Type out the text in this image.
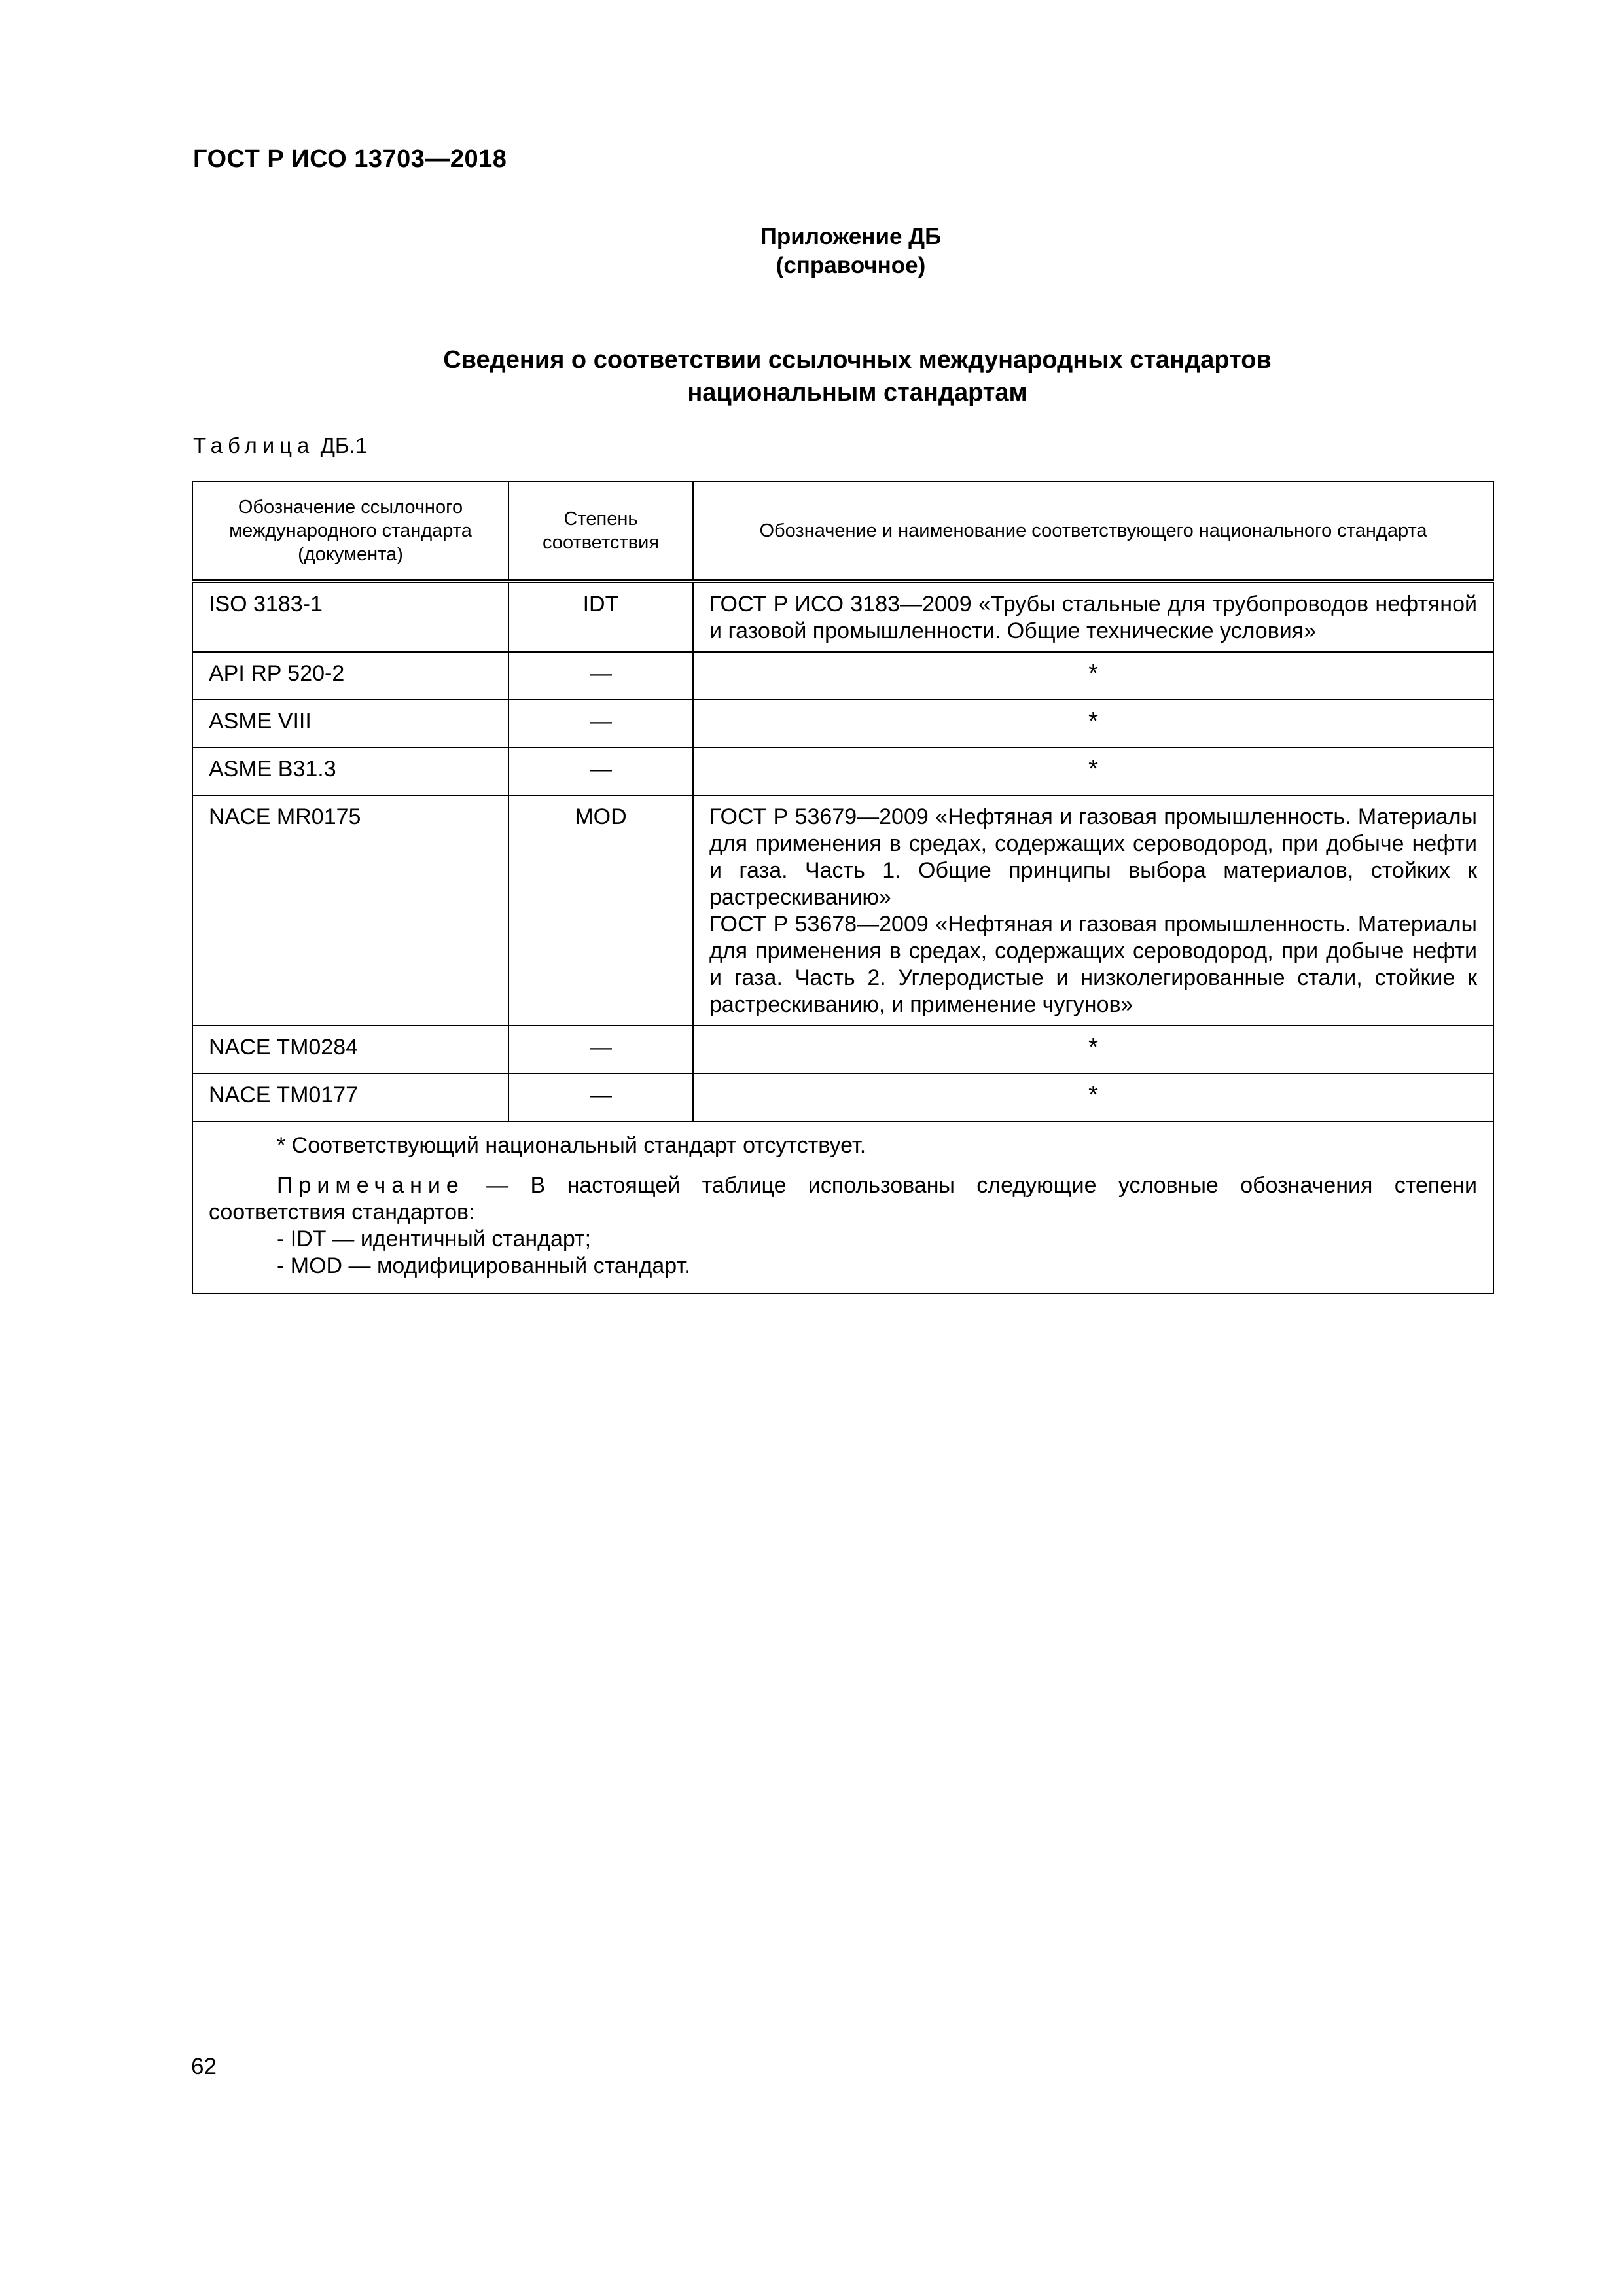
ГОСТ Р ИСО 13703—2018
Приложение ДБ
(справочное)
Сведения о соответствии ссылочных международных стандартов
национальным стандартам
Таблица ДБ.1
Обозначение ссылочного международного стандарта (документа)	Степень соответствия	Обозначение и наименование соответствующего национального стандарта
ISO 3183-1	IDT	ГОСТ Р ИСО 3183—2009 «Трубы стальные для трубопроводов нефтяной и газовой промышленности. Общие технические условия»
API RP 520-2	—	*
ASME VIII	—	*
ASME B31.3	—	*
NACE MR0175	MOD	ГОСТ Р 53679—2009 «Нефтяная и газовая промышленность. Материалы для применения в средах, содержащих сероводород, при добыче нефти и газа. Часть 1. Общие принципы выбора материалов, стойких к растрескиванию»
ГОСТ Р 53678—2009 «Нефтяная и газовая промышленность. Материалы для применения в средах, содержащих сероводород, при добыче нефти и газа. Часть 2. Углеродистые и низколегированные стали, стойкие к растрескиванию, и применение чугунов»

NACE TM0284	—	*
NACE TM0177	—	*

* Соответствующий национальный стандарт отсутствует.

Примечание — В настоящей таблице использованы следующие условные обозначения степени соответствия стандартов:

- IDT — идентичный стандарт;

- MOD — модифицированный стандарт.		

62
